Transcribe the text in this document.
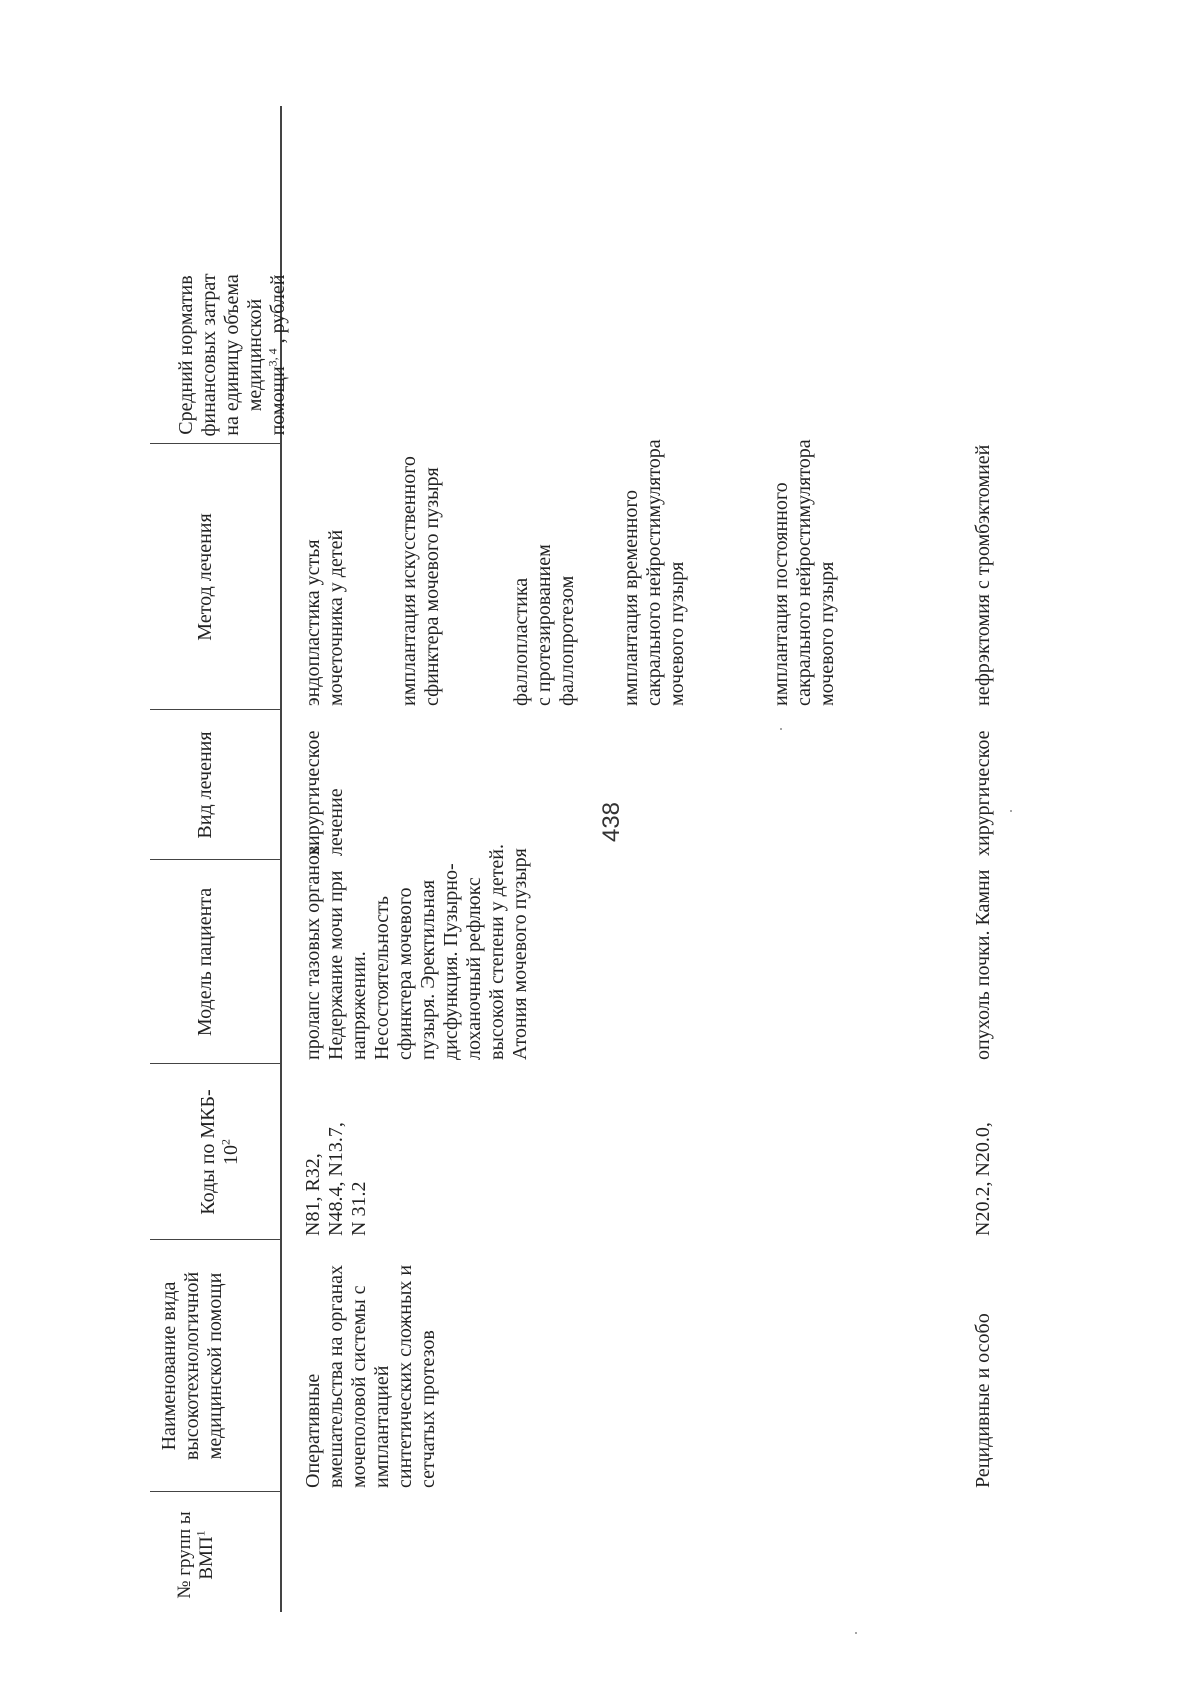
438

№ групп ы ВМП$^1$

Наименование вида
высокотехнологичной
медицинской помощи

Коды по МКБ-
$10^2$

Модель пациента
Вид лечения
Метод лечения

Средний норматив
финансовых затрат
на единицу объема
медицинской
помощи$^{3, 4}$ , рублей

Оперативные
вмешательства на органах
мочеполовой системы с
имплантацией
синтетических сложных и
сетчатых протезов
N81, R32,
N48.4, N13.7,
N 31.2
пролапс тазовых органов.
Недержание мочи при
напряжении.
Несостоятельность
сфинктера мочевого
пузыря. Эректильная
дисфункция. Пузырно-
лоханочный рефлюкс
высокой степени у детей.
Атония мочевого пузыря
хирургическое
лечение
эндопластика устья
мочеточника у детей
имплантация искусственного
сфинктера мочевого пузыря
фаллопластика
с протезированием
фаллопротезом имплантация временного
сакрального нейростимулятора
мочевого пузыря
имплантация постоянного
сакрального нейростимулятора
мочевого пузыря
Рецидивные и особо
N20.2, N20.0,
опухоль почки. Камни
хирургическое
нефрэктомия с тромбэктомией
